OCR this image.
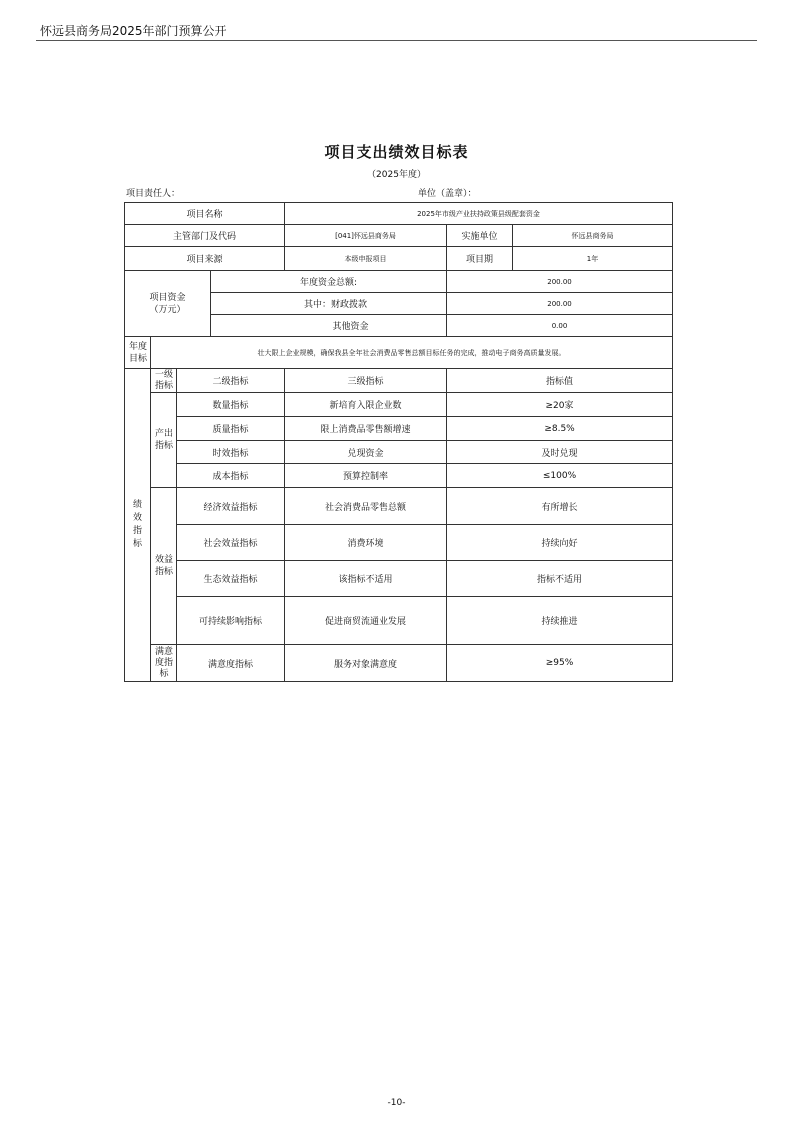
怀远县商务局2025年部门预算公开
项目支出绩效目标表
（2025年度）
项目责任人：	单位（盖章）：
项目名称				2025年市级产业扶持政策县级配套资金		
主管部门及代码				[041]怀远县商务局	实施单位	怀远县商务局
项目来源				本级申报项目	项目期	1年

项目资金（万元）			年度资金总额:		200.00	
			其中：财政拨款		200.00	
			其他资金		0.00	

年度目标	壮大限上企业规模，确保我县全年社会消费品零售总额目标任务的完成，推动电子商务高质量发展。					

绩效指标	一级指标	二级指标		三级指标	指标值	

	产出指标	数量指标		新培育入限企业数	≥20家	
		质量指标		限上消费品零售额增速	≥8.5%	
		时效指标		兑现资金	及时兑现	
		成本指标		预算控制率	≤100%	

	效益指标	经济效益指标		社会消费品零售总额	有所增长	
		社会效益指标		消费环境	持续向好	
		生态效益指标		该指标不适用	指标不适用	
		可持续影响指标		促进商贸流通业发展	持续推进	

	满意度指标	满意度指标		服务对象满意度	≥95%	
-10-
